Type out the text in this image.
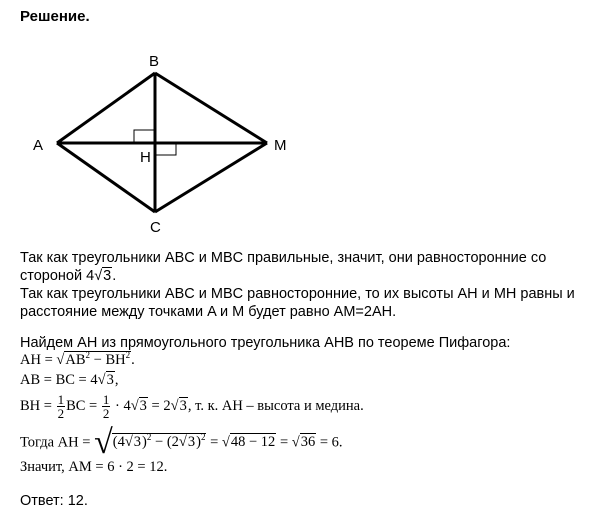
Решение.
A
B
C
M
H
Так как треугольники ABC и MBC правильные, значит, они равносторонние со
стороной 4√3.
Так как треугольники ABC и MBC равносторонние, то их высоты AH и MH равны и
расстояние между точками A и M будет равно AM=2AH.
Найдем AH из прямоугольного треугольника AHB по теореме Пифагора:
AH = $√AB^2 - BH^2$.
AB = BC = 4√3,
BH = $\frac{1}{2}$ BC = $\frac{1}{2} \cdot 4√3 = 2√3$, т. к. AH – высота и медина.
Тогда AH = $√(4√3)^2 - (2√3)^2 = √48 - 12 = √36 = 6$.
Значит, AM = 6 · 2 = 12.
Ответ: 12.
